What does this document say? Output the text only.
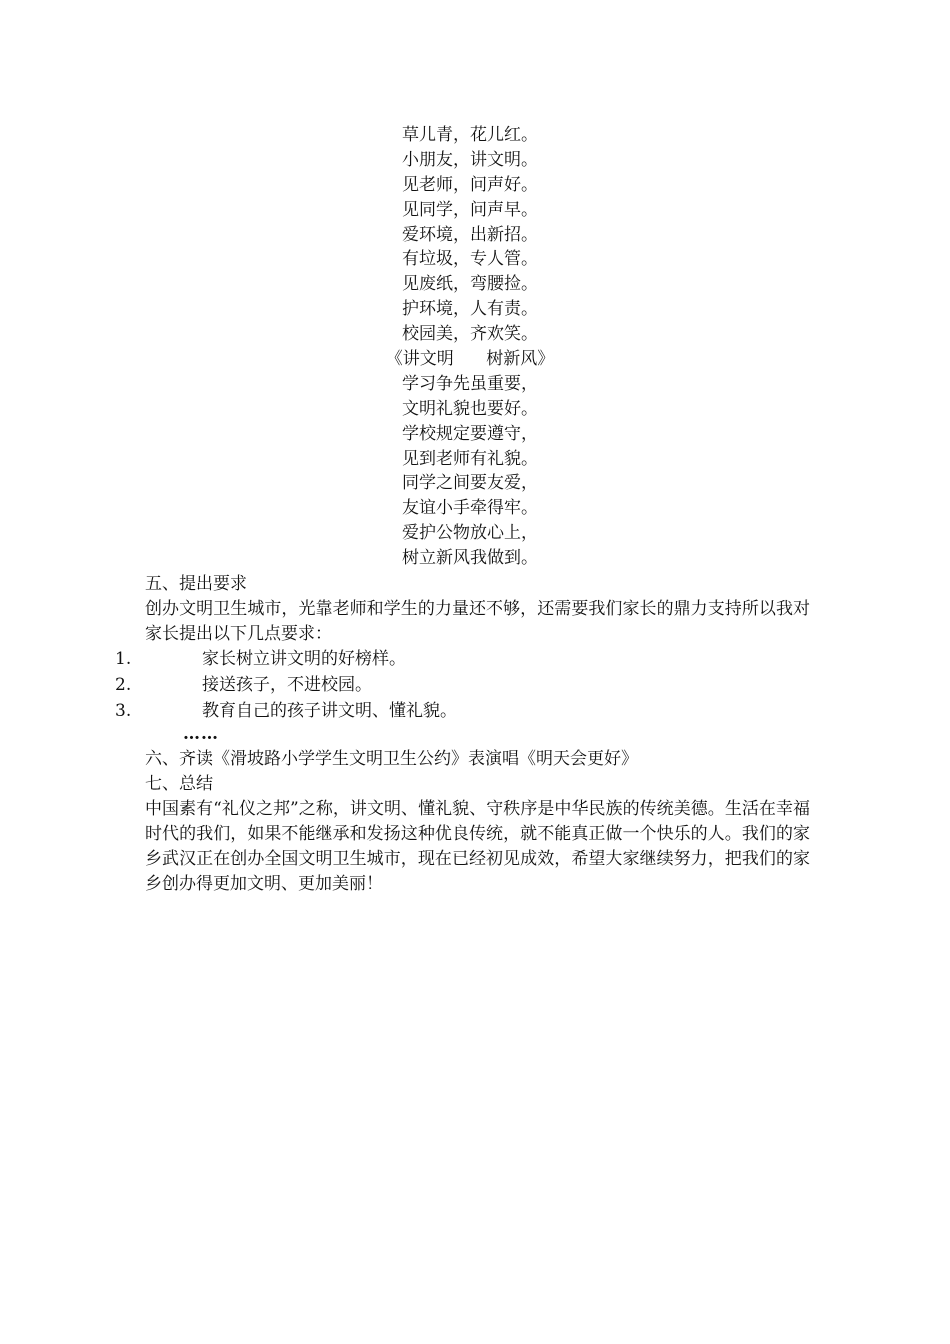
草儿青，花儿红。
小朋友，讲文明。
见老师，问声好。
见同学，问声早。
爱环境，出新招。
有垃圾，专人管。
见废纸，弯腰捡。
护环境，人有责。
校园美，齐欢笑。
《讲文明      树新风》
学习争先虽重要，
文明礼貌也要好。
学校规定要遵守，
见到老师有礼貌。
同学之间要友爱，
友谊小手牵得牢。
爱护公物放心上，
树立新风我做到。
五、提出要求
创办文明卫生城市，光靠老师和学生的力量还不够，还需要我们家长的鼎力支持所以我对家长提出以下几点要求：
1.	家长树立讲文明的好榜样。
2.	接送孩子，不进校园。
3.	教育自己的孩子讲文明、懂礼貌。
……
六、齐读《滑坡路小学学生文明卫生公约》表演唱《明天会更好》
七、总结
中国素有“礼仪之邦”之称，讲文明、懂礼貌、守秩序是中华民族的传统美德。生活在幸福时代的我们，如果不能继承和发扬这种优良传统，就不能真正做一个快乐的人。我们的家乡武汉正在创办全国文明卫生城市，现在已经初见成效，希望大家继续努力，把我们的家乡创办得更加文明、更加美丽！
